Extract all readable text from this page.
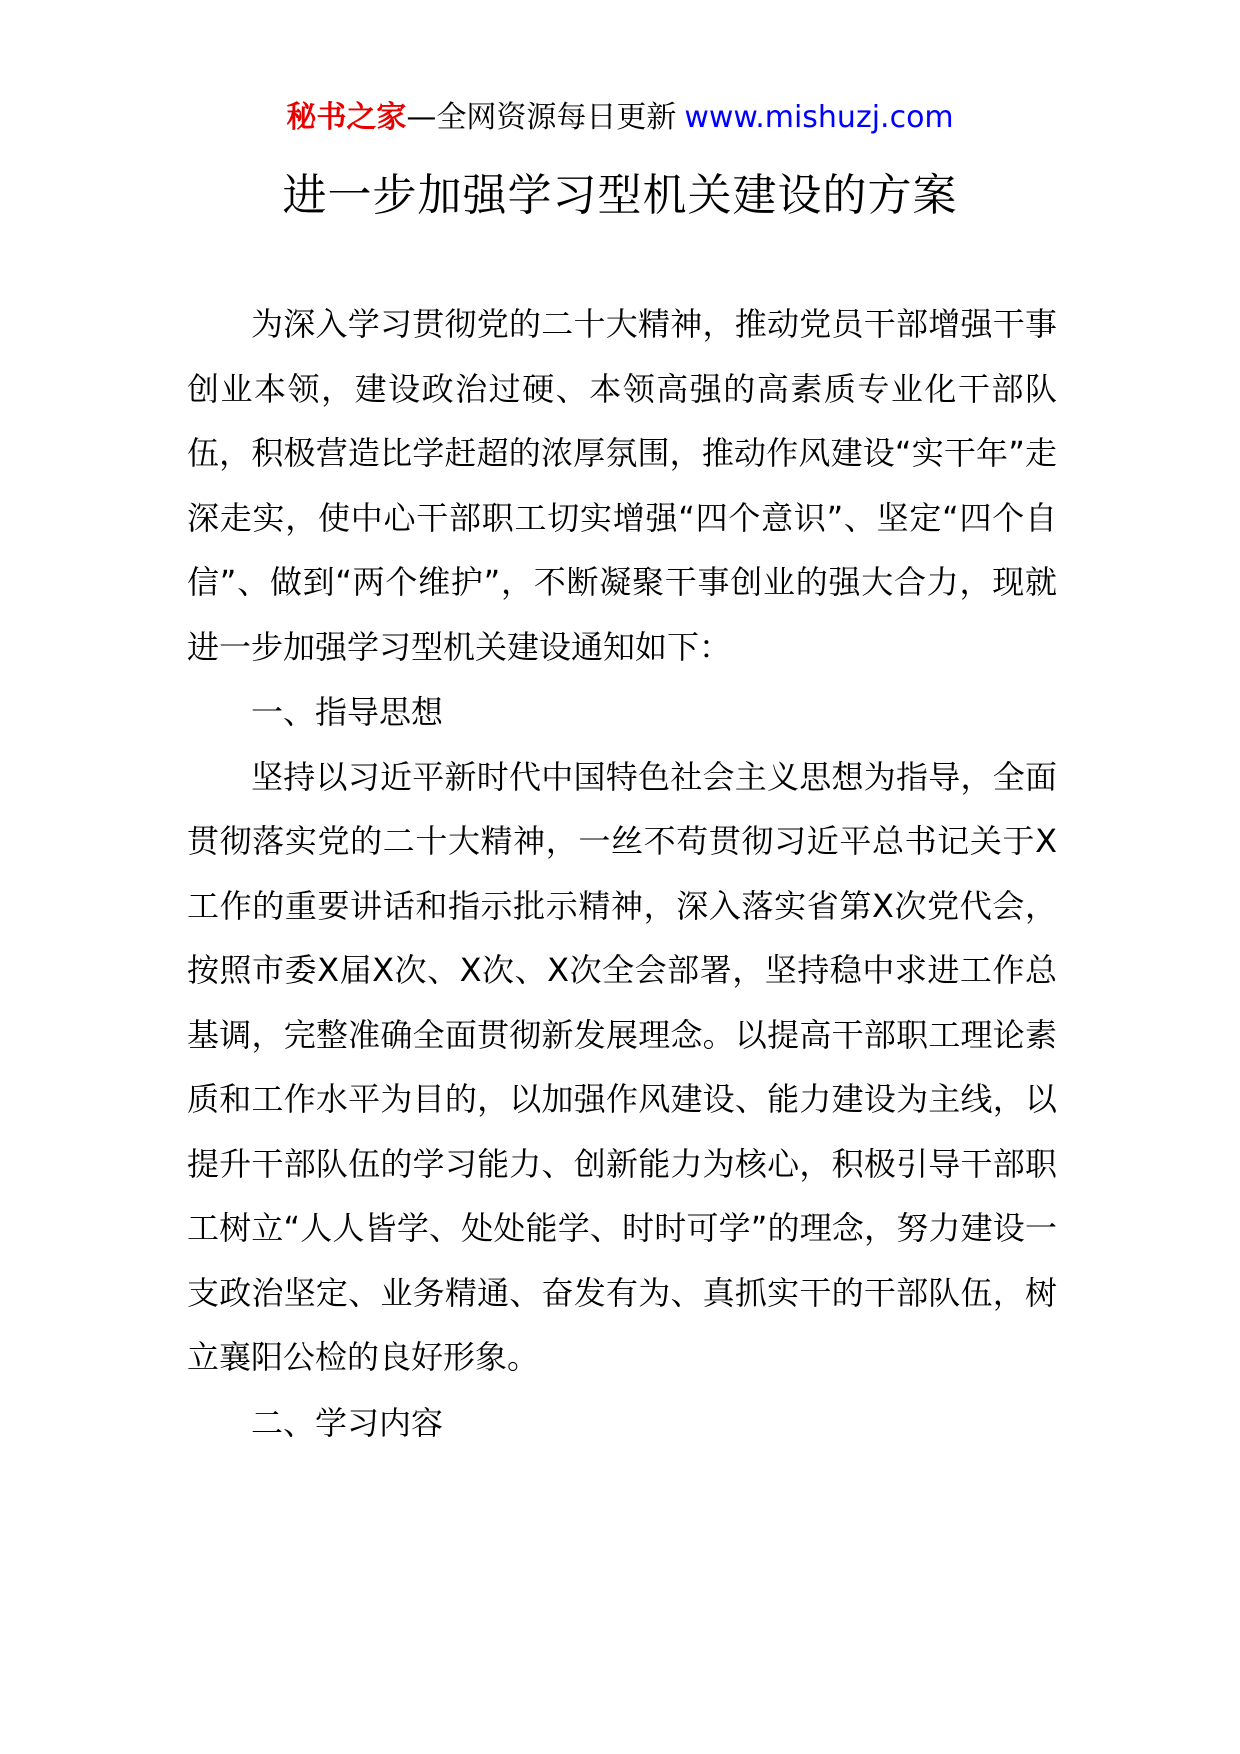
秘书之家—全网资源每日更新 www.mishuzj.com
进一步加强学习型机关建设的方案

为深入学习贯彻党的二十大精神，推动党员干部增强干事创业本领，建设政治过硬、本领高强的高素质专业化干部队伍，积极营造比学赶超的浓厚氛围，推动作风建设“实干年”走深走实，使中心干部职工切实增强“四个意识”、坚定“四个自信”、做到“两个维护”，不断凝聚干事创业的强大合力，现就进一步加强学习型机关建设通知如下：

一、指导思想

坚持以习近平新时代中国特色社会主义思想为指导，全面贯彻落实党的二十大精神，一丝不苟贯彻习近平总书记关于X工作的重要讲话和指示批示精神，深入落实省第X次党代会，按照市委X届X次、X次、X次全会部署，坚持稳中求进工作总基调，完整准确全面贯彻新发展理念。以提高干部职工理论素质和工作水平为目的，以加强作风建设、能力建设为主线，以提升干部队伍的学习能力、创新能力为核心，积极引导干部职工树立“人人皆学、处处能学、时时可学”的理念，努力建设一支政治坚定、业务精通、奋发有为、真抓实干的干部队伍，树立襄阳公检的良好形象。

二、学习内容
